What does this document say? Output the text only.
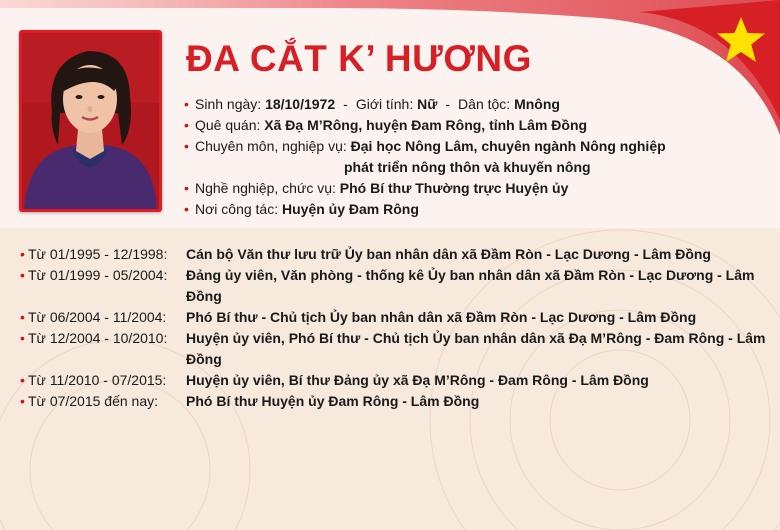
ĐA CẮT K’ HƯƠNG
• Sinh ngày: 18/10/1972 - Giới tính: Nữ - Dân tộc: Mnông
• Quê quán: Xã Đạ M’Rông, huyện Đam Rông, tỉnh Lâm Đồng
• Chuyên môn, nghiệp vụ: Đại học Nông Lâm, chuyên ngành Nông nghiệp
phát triển nông thôn và khuyến nông
• Nghề nghiệp, chức vụ: Phó Bí thư Thường trực Huyện ủy
• Nơi công tác: Huyện ủy Đam Rông
• Từ 01/1995 - 12/1998:	Cán bộ Văn thư lưu trữ Ủy ban nhân dân xã Đầm Ròn - Lạc Dương - Lâm Đồng
• Từ 01/1999 - 05/2004:	Đảng ủy viên, Văn phòng - thống kê Ủy ban nhân dân xã Đầm Ròn - Lạc Dương - Lâm Đồng
• Từ 06/2004 - 11/2004:	Phó Bí thư - Chủ tịch Ủy ban nhân dân xã Đầm Ròn - Lạc Dương - Lâm Đồng
• Từ 12/2004 - 10/2010:	Huyện ủy viên, Phó Bí thư - Chủ tịch Ủy ban nhân dân xã Đạ M’Rông - Đam Rông - Lâm Đồng
• Từ 11/2010 - 07/2015:	Huyện ủy viên, Bí thư Đảng ủy xã Đạ M’Rông - Đam Rông - Lâm Đồng
• Từ 07/2015 đến nay:	Phó Bí thư Huyện ủy Đam Rông - Lâm Đồng
